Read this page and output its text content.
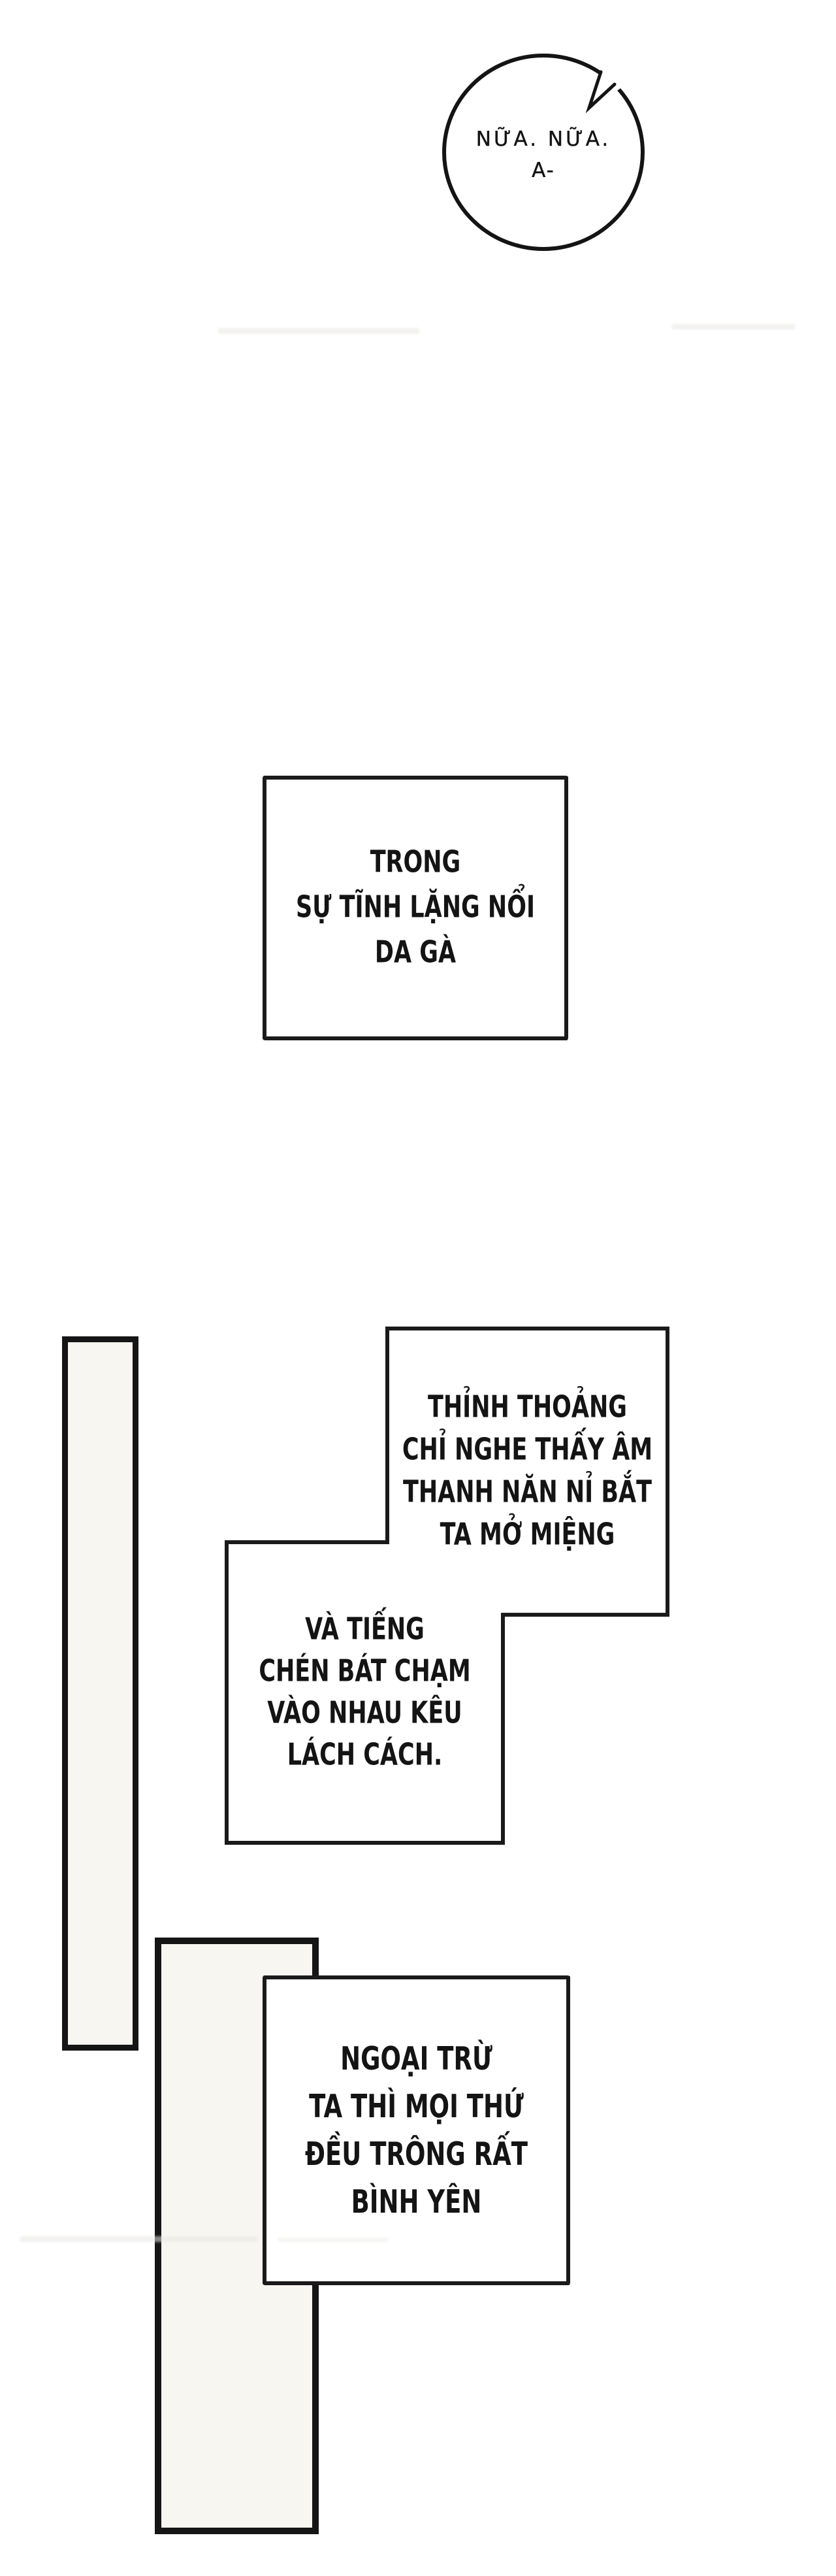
NỮA. NỮA.
A-
TRONG
SỰ TĨNH LẶNG NỔI
DA GÀ
THỈNH THOẢNG
CHỈ NGHE THẤY ÂM
THANH NĂN NỈ BẮT
TA MỞ MIỆNG
VÀ TIẾNG
CHÉN BÁT CHẠM
VÀO NHAU KÊU
LÁCH CÁCH.
NGOẠI TRỪ
TA THÌ MỌI THỨ
ĐỀU TRÔNG RẤT
BÌNH YÊN
